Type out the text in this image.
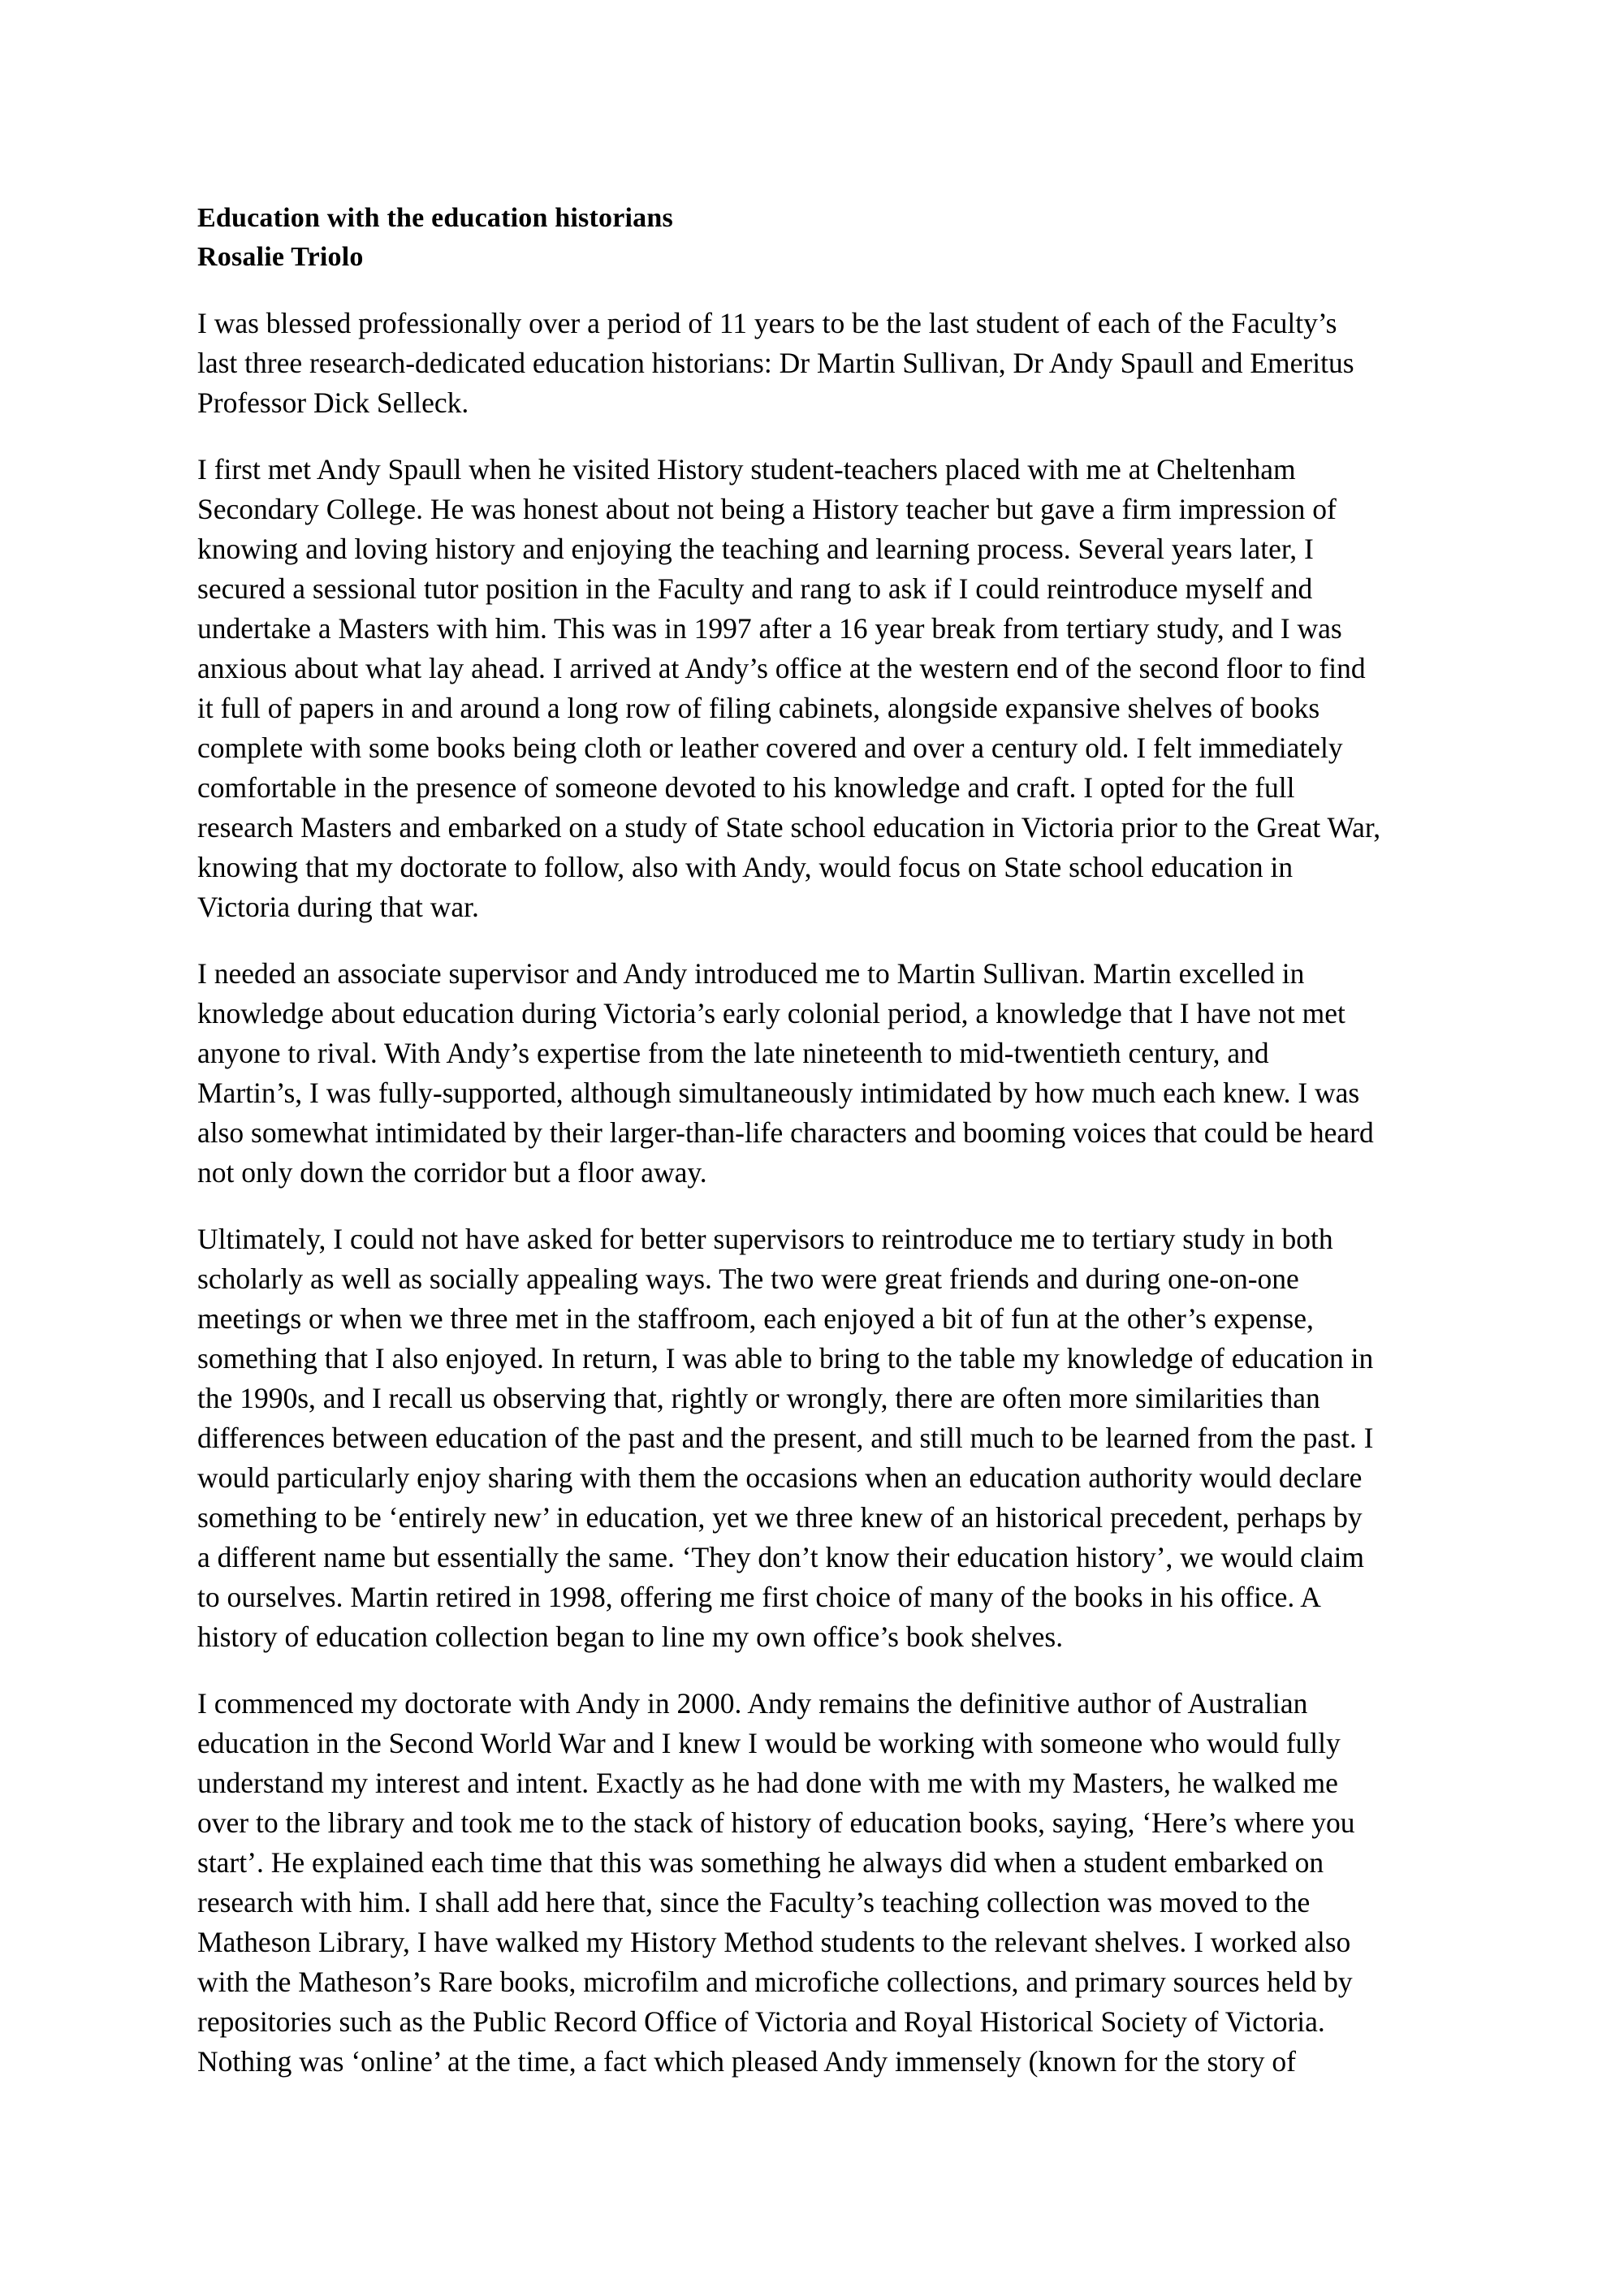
Education with the education historians
Rosalie Triolo
I was blessed professionally over a period of 11 years to be the last student of each of the Faculty’s
last three research-dedicated education historians: Dr Martin Sullivan, Dr Andy Spaull and Emeritus
Professor Dick Selleck.
I first met Andy Spaull when he visited History student-teachers placed with me at Cheltenham
Secondary College. He was honest about not being a History teacher but gave a firm impression of
knowing and loving history and enjoying the teaching and learning process. Several years later, I
secured a sessional tutor position in the Faculty and rang to ask if I could reintroduce myself and
undertake a Masters with him. This was in 1997 after a 16 year break from tertiary study, and I was
anxious about what lay ahead. I arrived at Andy’s office at the western end of the second floor to find
it full of papers in and around a long row of filing cabinets, alongside expansive shelves of books
complete with some books being cloth or leather covered and over a century old. I felt immediately
comfortable in the presence of someone devoted to his knowledge and craft. I opted for the full
research Masters and embarked on a study of State school education in Victoria prior to the Great War,
knowing that my doctorate to follow, also with Andy, would focus on State school education in
Victoria during that war.
I needed an associate supervisor and Andy introduced me to Martin Sullivan. Martin excelled in
knowledge about education during Victoria’s early colonial period, a knowledge that I have not met
anyone to rival. With Andy’s expertise from the late nineteenth to mid-twentieth century, and
Martin’s, I was fully-supported, although simultaneously intimidated by how much each knew. I was
also somewhat intimidated by their larger-than-life characters and booming voices that could be heard
not only down the corridor but a floor away.
Ultimately, I could not have asked for better supervisors to reintroduce me to tertiary study in both
scholarly as well as socially appealing ways. The two were great friends and during one-on-one
meetings or when we three met in the staffroom, each enjoyed a bit of fun at the other’s expense,
something that I also enjoyed. In return, I was able to bring to the table my knowledge of education in
the 1990s, and I recall us observing that, rightly or wrongly, there are often more similarities than
differences between education of the past and the present, and still much to be learned from the past. I
would particularly enjoy sharing with them the occasions when an education authority would declare
something to be ‘entirely new’ in education, yet we three knew of an historical precedent, perhaps by
a different name but essentially the same. ‘They don’t know their education history’, we would claim
to ourselves. Martin retired in 1998, offering me first choice of many of the books in his office. A
history of education collection began to line my own office’s book shelves.
I commenced my doctorate with Andy in 2000. Andy remains the definitive author of Australian
education in the Second World War and I knew I would be working with someone who would fully
understand my interest and intent. Exactly as he had done with me with my Masters, he walked me
over to the library and took me to the stack of history of education books, saying, ‘Here’s where you
start’. He explained each time that this was something he always did when a student embarked on
research with him. I shall add here that, since the Faculty’s teaching collection was moved to the
Matheson Library, I have walked my History Method students to the relevant shelves. I worked also
with the Matheson’s Rare books, microfilm and microfiche collections, and primary sources held by
repositories such as the Public Record Office of Victoria and Royal Historical Society of Victoria.
Nothing was ‘online’ at the time, a fact which pleased Andy immensely (known for the story of
